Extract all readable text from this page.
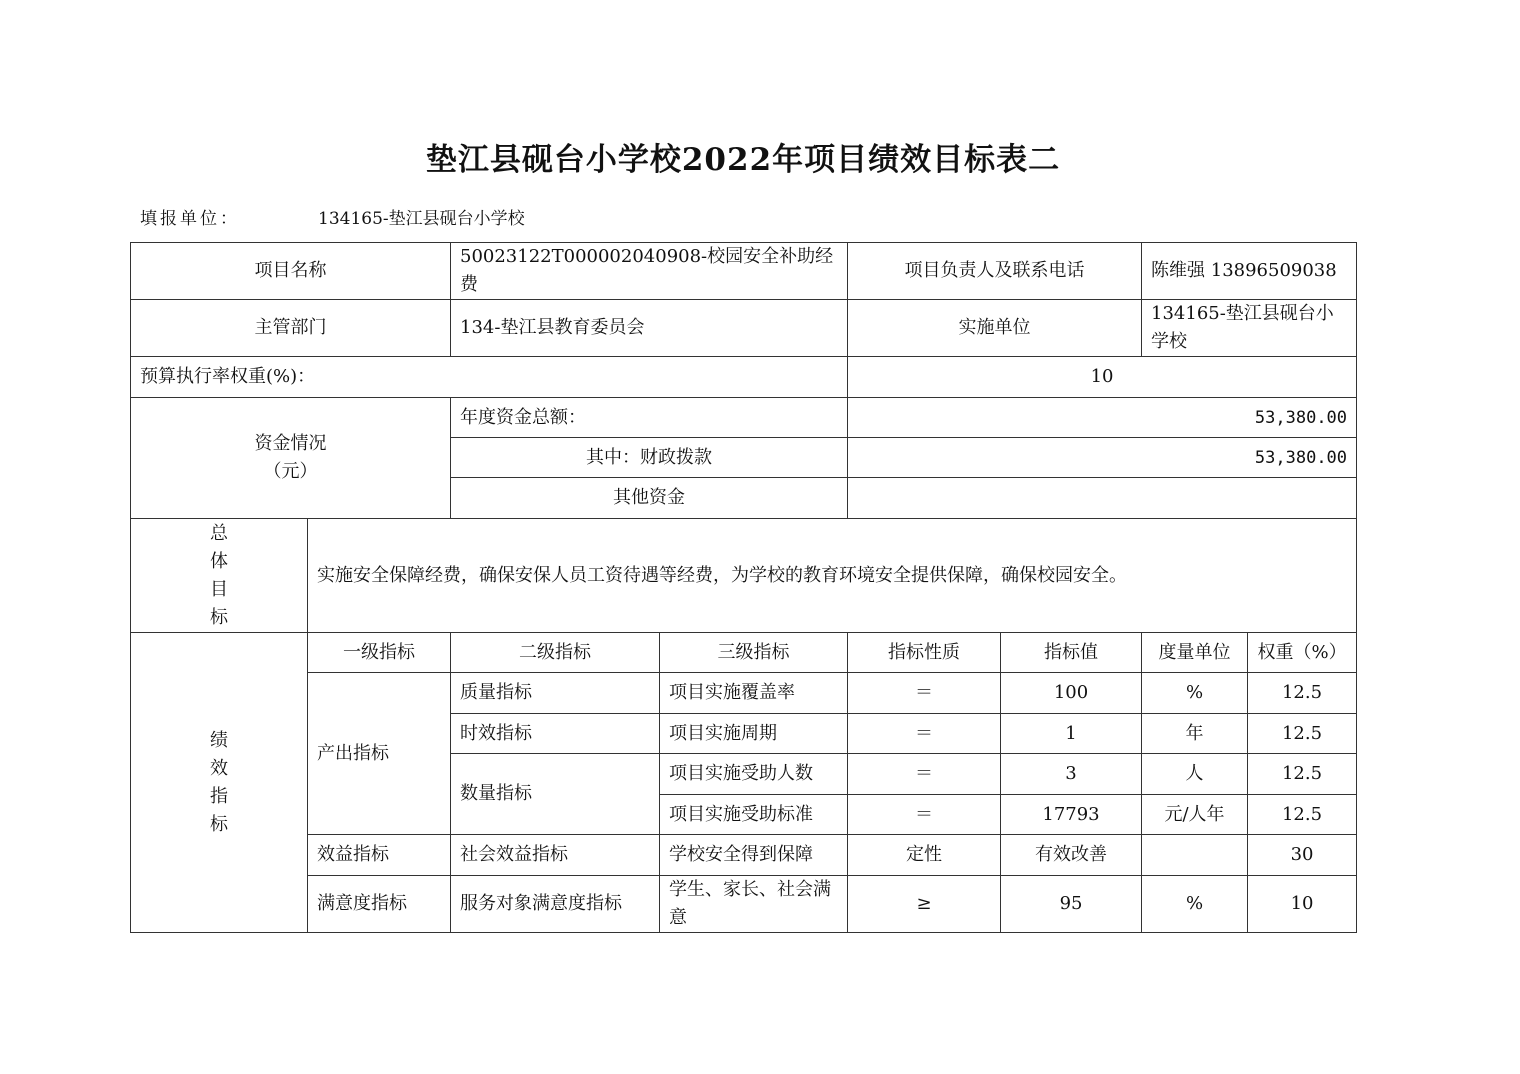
垫江县砚台小学校2022年项目绩效目标表二
填报单位：	134165-垫江县砚台小学校
项目名称		50023122T000002040908-校园安全补助经费		项目负责人及联系电话		陈维强 13896509038	
主管部门		134-垫江县教育委员会		实施单位		134165-垫江县砚台小学校	
预算执行率权重(%)：				10			

资金情况
（元）		年度资金总额：		53,380.00			
		其中：财政拨款		53,380.00			
		其他资金					

总
体
目
标	实施安全保障经费，确保安保人员工资待遇等经费，为学校的教育环境安全提供保障，确保校园安全。						

绩
效
指
标	一级指标	二级指标	三级指标	指标性质	指标值	度量单位	权重（%）
	产出指标	质量指标	项目实施覆盖率	＝	100	%	12.5
		时效指标	项目实施周期	＝	1	年	12.5
		数量指标	项目实施受助人数	＝	3	人	12.5
			项目实施受助标准	＝	17793	元/人年	12.5
	效益指标	社会效益指标	学校安全得到保障	定性	有效改善		30
	满意度指标	服务对象满意度指标	学生、家长、社会满意	≥	95	%	10
